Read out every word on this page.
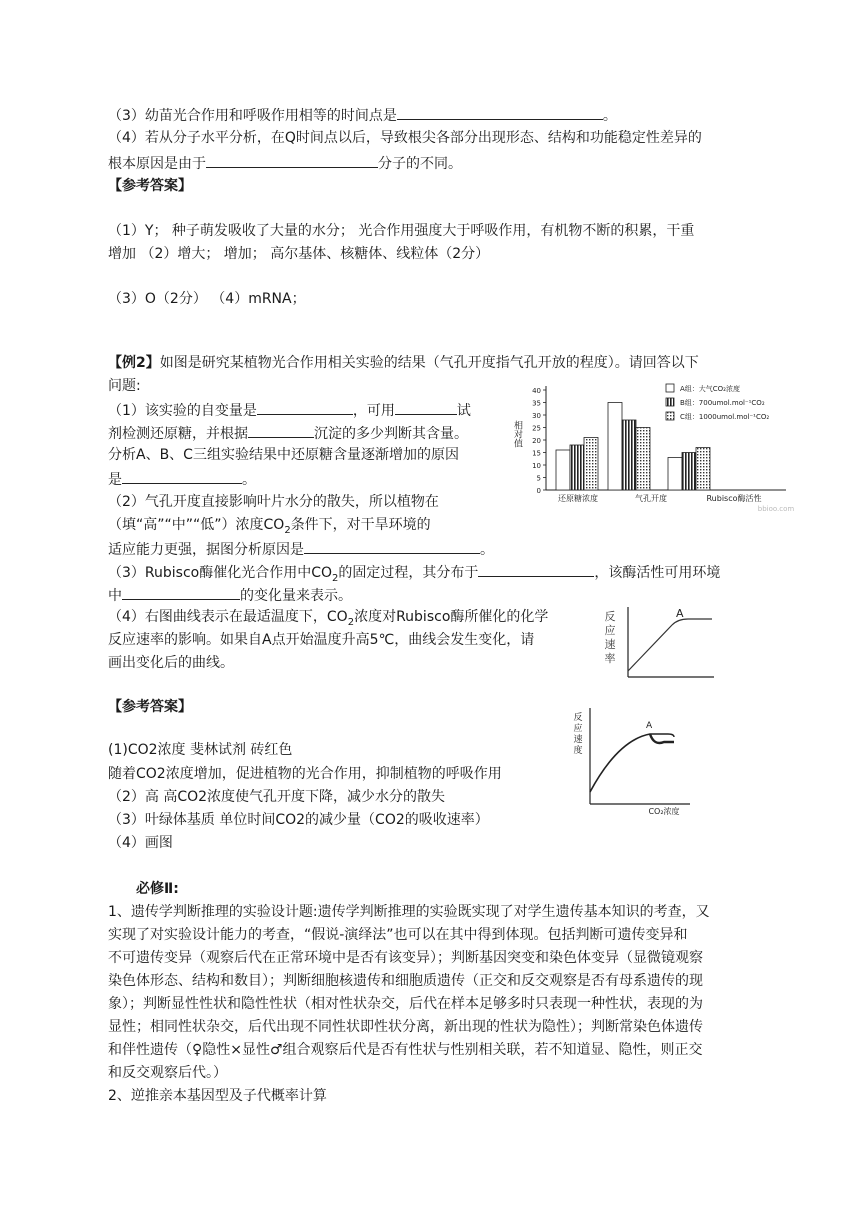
（3）幼苗光合作用和呼吸作用相等的时间点是	。
（4）若从分子水平分析，在Q时间点以后，导致根尖各部分出现形态、结构和功能稳定性差异的
根本原因是由于	分子的不同。
【参考答案】
（1）Y； 种子萌发吸收了大量的水分； 光合作用强度大于呼吸作用，有机物不断的积累，干重
增加 （2）增大； 增加； 高尔基体、核糖体、线粒体（2分）
（3）O（2分） （4）mRNA；
【例2】如图是研究某植物光合作用相关实验的结果（气孔开度指气孔开放的程度）。请回答以下
问题:
（1）该实验的自变量是	，可用	试
剂检测还原糖，并根据	沉淀的多少判断其含量。
分析A、B、C三组实验结果中还原糖含量逐渐增加的原因
是	。
（2）气孔开度直接影响叶片水分的散失，所以植物在
（填“高”“中”“低”）浓度$CO_2$条件下，对干旱环境的
适应能力更强，据图分析原因是	。
（3）Rubisco酶催化光合作用中$CO_2$的固定过程，其分布于	，该酶活性可用环境
中	的变化量来表示。
（4）右图曲线表示在最适温度下，$CO_2$浓度对Rubisco酶所催化的化学
反应速率的影响。如果自A点开始温度升高5℃，曲线会发生变化，请
画出变化后的曲线。
【参考答案】
(1)CO2浓度 斐林试剂 砖红色
随着CO2浓度增加，促进植物的光合作用，抑制植物的呼吸作用
（2）高 高CO2浓度使气孔开度下降，减少水分的散失
（3）叶绿体基质 单位时间CO2的减少量（CO2的吸收速率）
（4）画图
必修Ⅱ:
1、遗传学判断推理的实验设计题:遗传学判断推理的实验既实现了对学生遗传基本知识的考查，又
实现了对实验设计能力的考查，“假说-演绎法”也可以在其中得到体现。包括判断可遗传变异和
不可遗传变异（观察后代在正常环境中是否有该变异）；判断基因突变和染色体变异（显微镜观察
染色体形态、结构和数目）；判断细胞核遗传和细胞质遗传（正交和反交观察是否有母系遗传的现
象）；判断显性性状和隐性性状（相对性状杂交，后代在样本足够多时只表现一种性状，表现的为
显性；相同性状杂交，后代出现不同性状即性状分离，新出现的性状为隐性）；判断常染色体遗传
和伴性遗传（♀隐性×显性♂组合观察后代是否有性状与性别相关联，若不知道显、隐性，则正交
和反交观察后代。）
2、逆推亲本基因型及子代概率计算
相对值
40
35
30
25
20
15
10
5
0
A组：大气CO₂浓度
B组：700umol.mol⁻¹CO₂
C组：1000umol.mol⁻¹CO₂
还原糖浓度	气孔开度	Rubisco酶活性
bbioo.com
反
应
速
率
A
反
应
速
度
A
CO₂浓度
